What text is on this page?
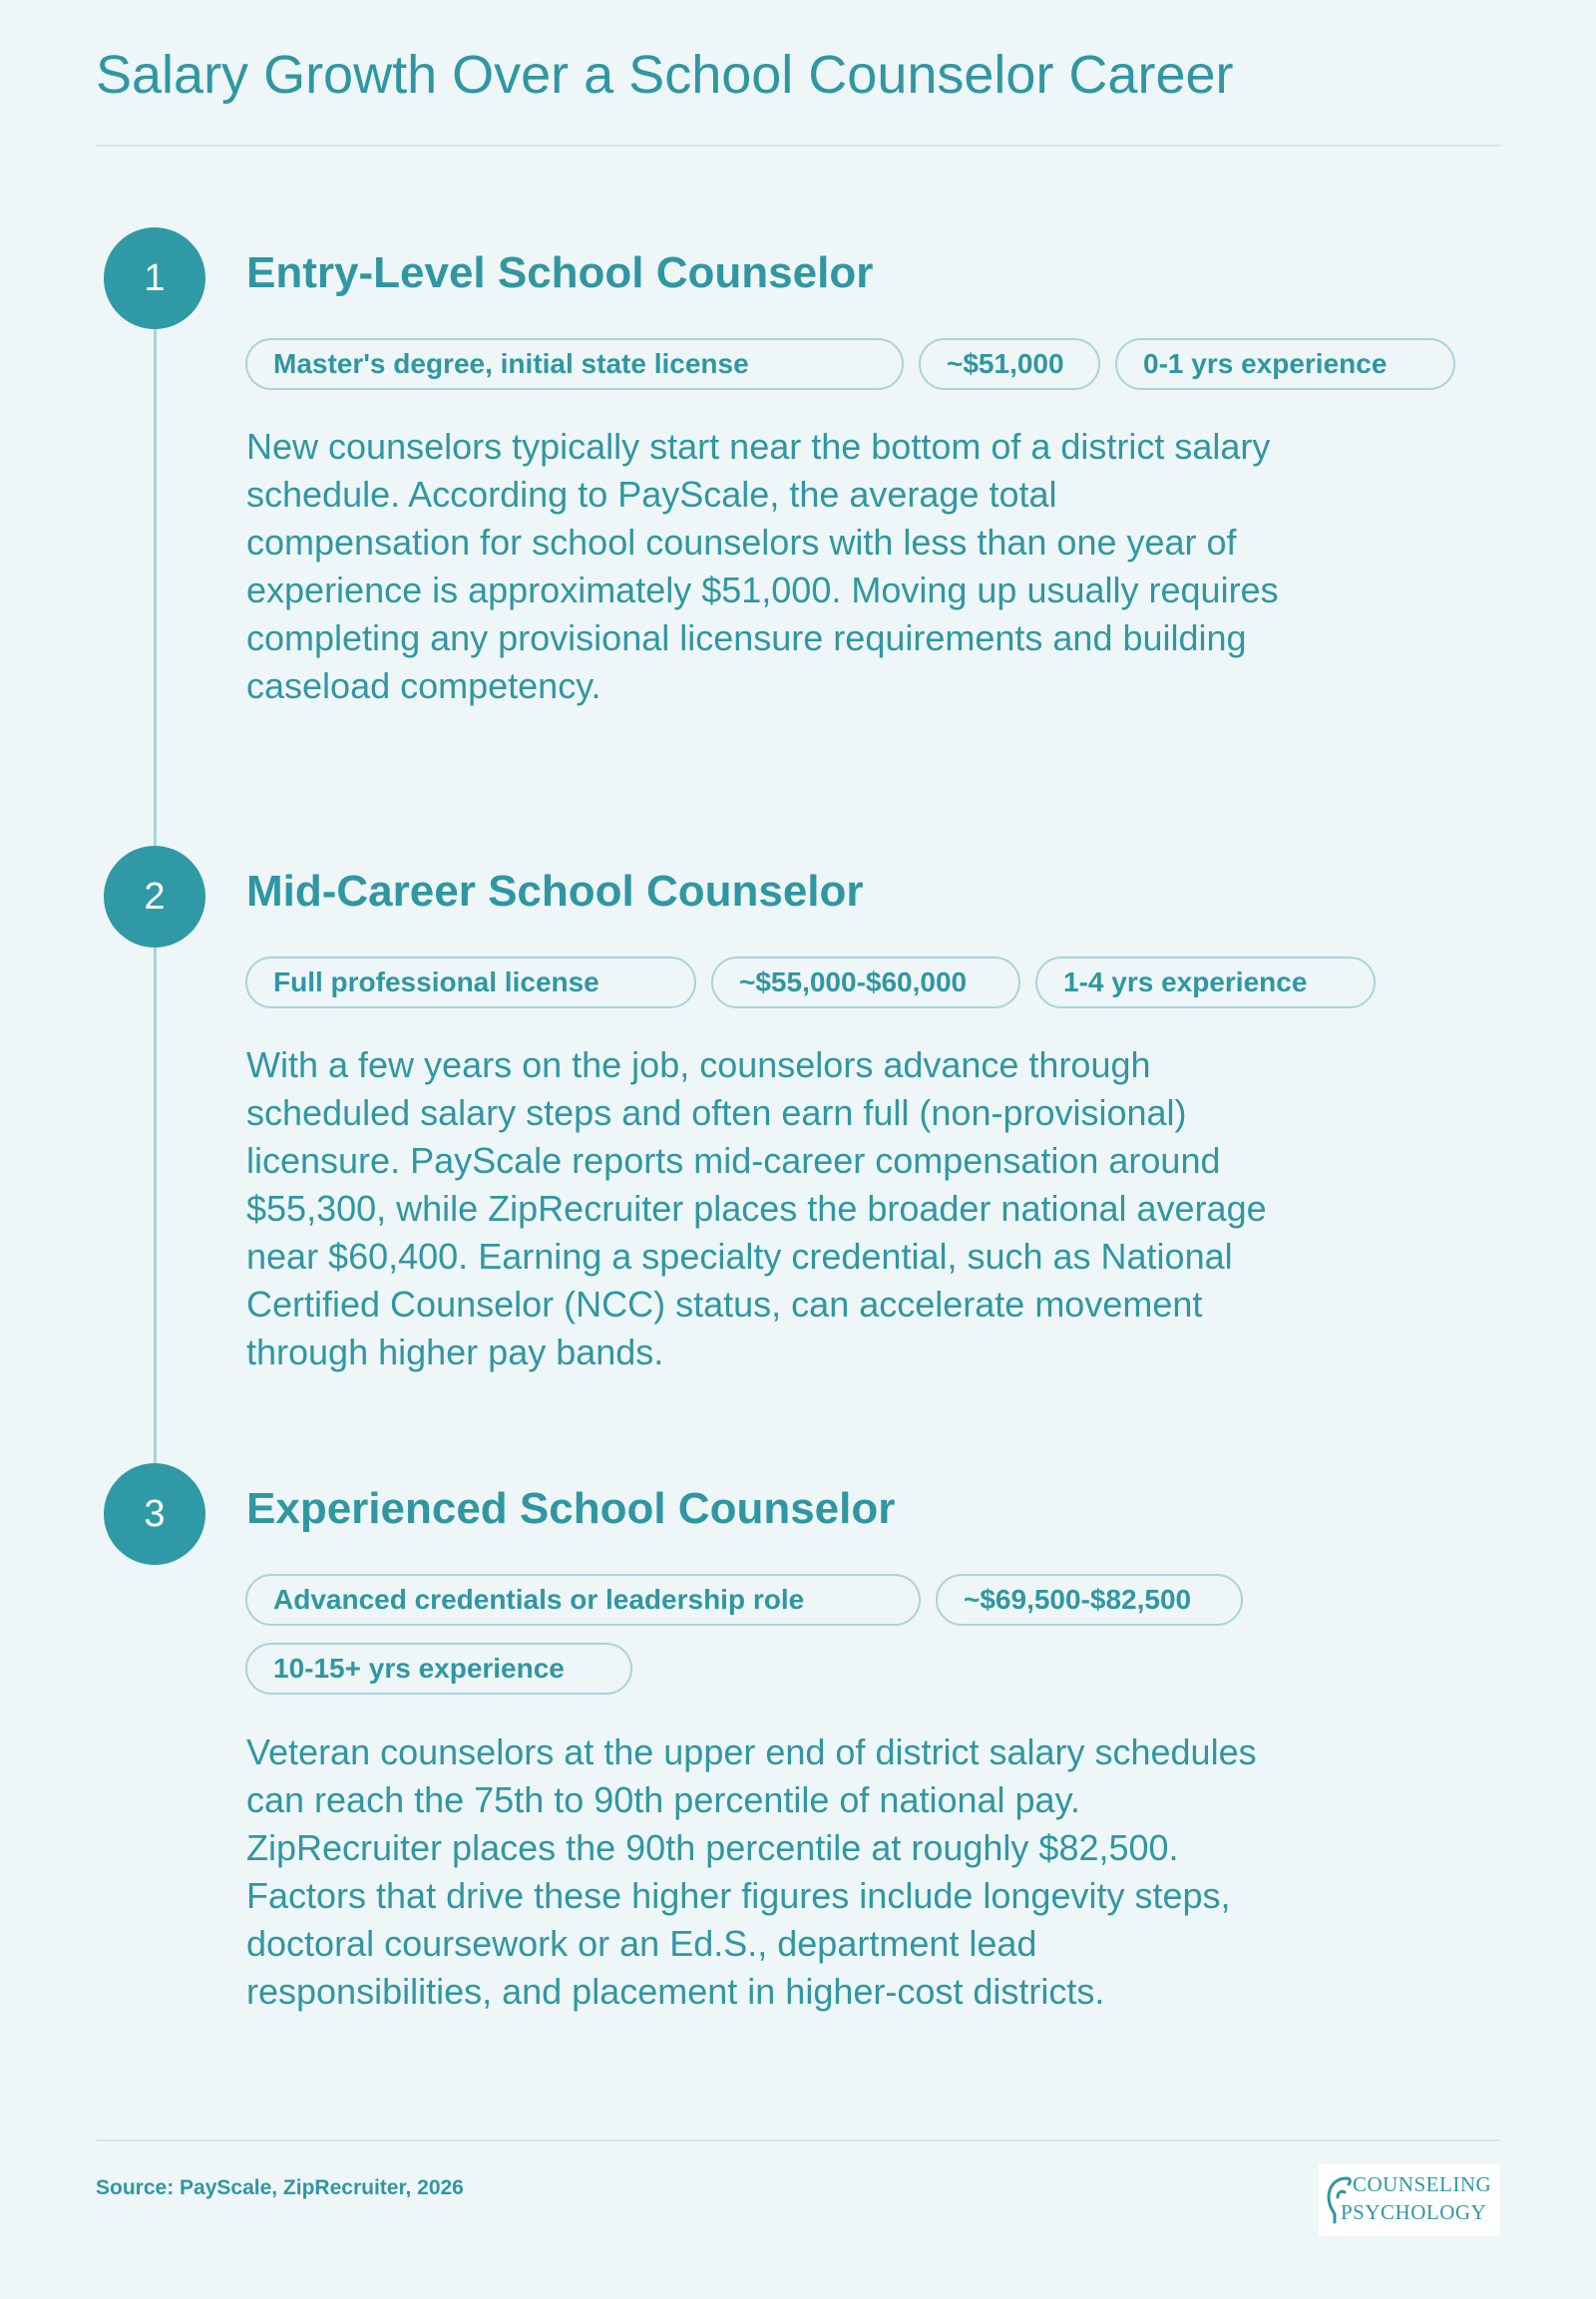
Salary Growth Over a School Counselor Career
1	Entry-Level School Counselor
Master's degree, initial state license	~$51,000	0-1 yrs experience

New counselors typically start near the bottom of a district salary schedule. According to PayScale, the average total compensation for school counselors with less than one year of experience is approximately $51,000. Moving up usually requires completing any provisional licensure requirements and building caseload competency.

2	Mid-Career School Counselor
Full professional license	~$55,000-$60,000	1-4 yrs experience

With a few years on the job, counselors advance through scheduled salary steps and often earn full (non-provisional) licensure. PayScale reports mid-career compensation around $55,300, while ZipRecruiter places the broader national average near $60,400. Earning a specialty credential, such as National Certified Counselor (NCC) status, can accelerate movement through higher pay bands.

3	Experienced School Counselor
Advanced credentials or leadership role	~$69,500-$82,500
10-15+ yrs experience

Veteran counselors at the upper end of district salary schedules can reach the 75th to 90th percentile of national pay. ZipRecruiter places the 90th percentile at roughly $82,500. Factors that drive these higher figures include longevity steps, doctoral coursework or an Ed.S., department lead responsibilities, and placement in higher-cost districts.

Source: PayScale, ZipRecruiter, 2026	COUNSELING
PSYCHOLOGY
